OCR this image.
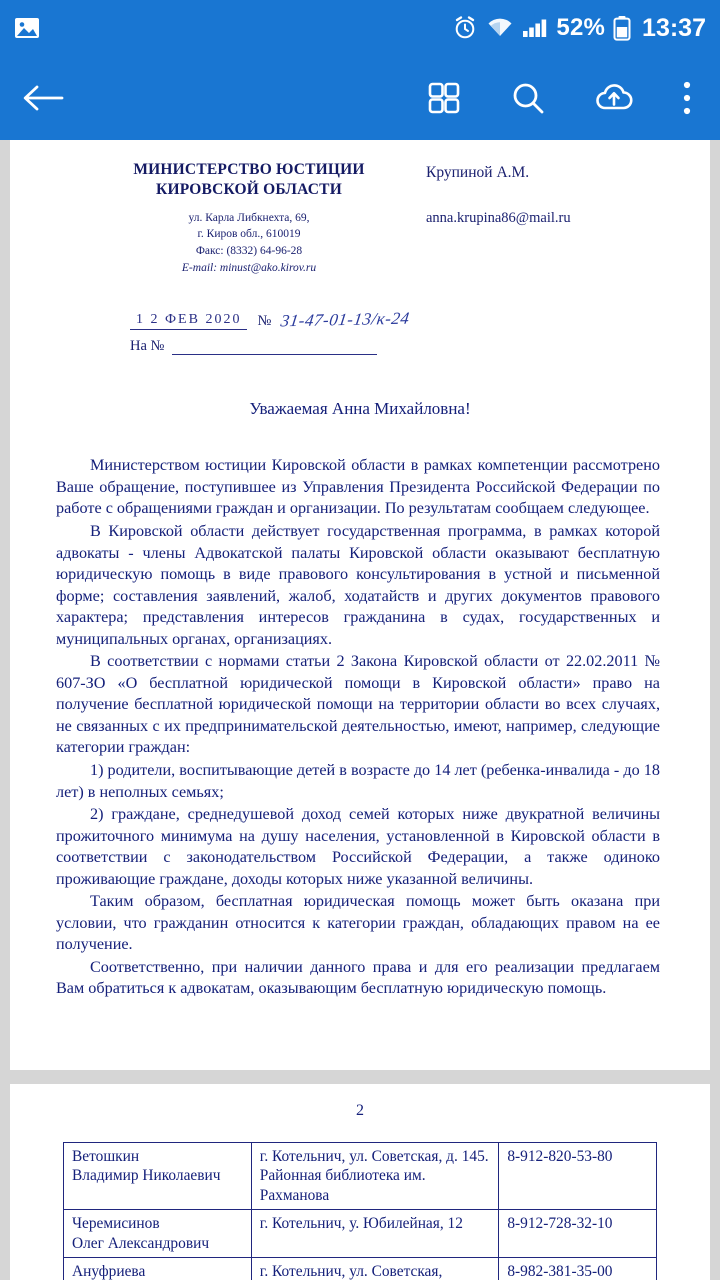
52% 13:37
МИНИСТЕРСТВО ЮСТИЦИИ
КИРОВСКОЙ ОБЛАСТИ
ул. Карла Либкнехта, 69,
г. Киров обл., 610019
Факс: (8332) 64-96-28
E-mail: minust@ako.kirov.ru
Крупиной А.М.
anna.krupina86@mail.ru
1 2 ФЕВ 2020	№ 31-47-01-13/к-24
На №
Уважаемая Анна Михайловна!

Министерством юстиции Кировской области в рамках компетенции рассмотрено Ваше обращение, поступившее из Управления Президента Российской Федерации по работе с обращениями граждан и организации. По результатам сообщаем следующее.

В Кировской области действует государственная программа, в рамках которой адвокаты - члены Адвокатской палаты Кировской области оказывают бесплатную юридическую помощь в виде правового консультирования в устной и письменной форме; составления заявлений, жалоб, ходатайств и других документов правового характера; представления интересов гражданина в судах, государственных и муниципальных органах, организациях.

В соответствии с нормами статьи 2 Закона Кировской области от 22.02.2011 № 607-ЗО «О бесплатной юридической помощи в Кировской области» право на получение бесплатной юридической помощи на территории области во всех случаях, не связанных с их предпринимательской деятельностью, имеют, например, следующие категории граждан:

1) родители, воспитывающие детей в возрасте до 14 лет (ребенка-инвалида - до 18 лет) в неполных семьях;

2) граждане, среднедушевой доход семей которых ниже двукратной величины прожиточного минимума на душу населения, установленной в Кировской области в соответствии с законодательством Российской Федерации, а также одиноко проживающие граждане, доходы которых ниже указанной величины.

Таким образом, бесплатная юридическая помощь может быть оказана при условии, что гражданин относится к категории граждан, обладающих правом на ее получение.

Соответственно, при наличии данного права и для его реализации предлагаем Вам обратиться к адвокатам, оказывающим бесплатную юридическую помощь.

2
Ветошкин
Владимир Николаевич	г. Котельнич, ул. Советская, д. 145. Районная библиотека им. Рахманова	8-912-820-53-80
Черемисинов
Олег Александрович	г. Котельнич, у. Юбилейная, 12	8-912-728-32-10
Ануфриева	г. Котельнич, ул. Советская,	8-982-381-35-00
